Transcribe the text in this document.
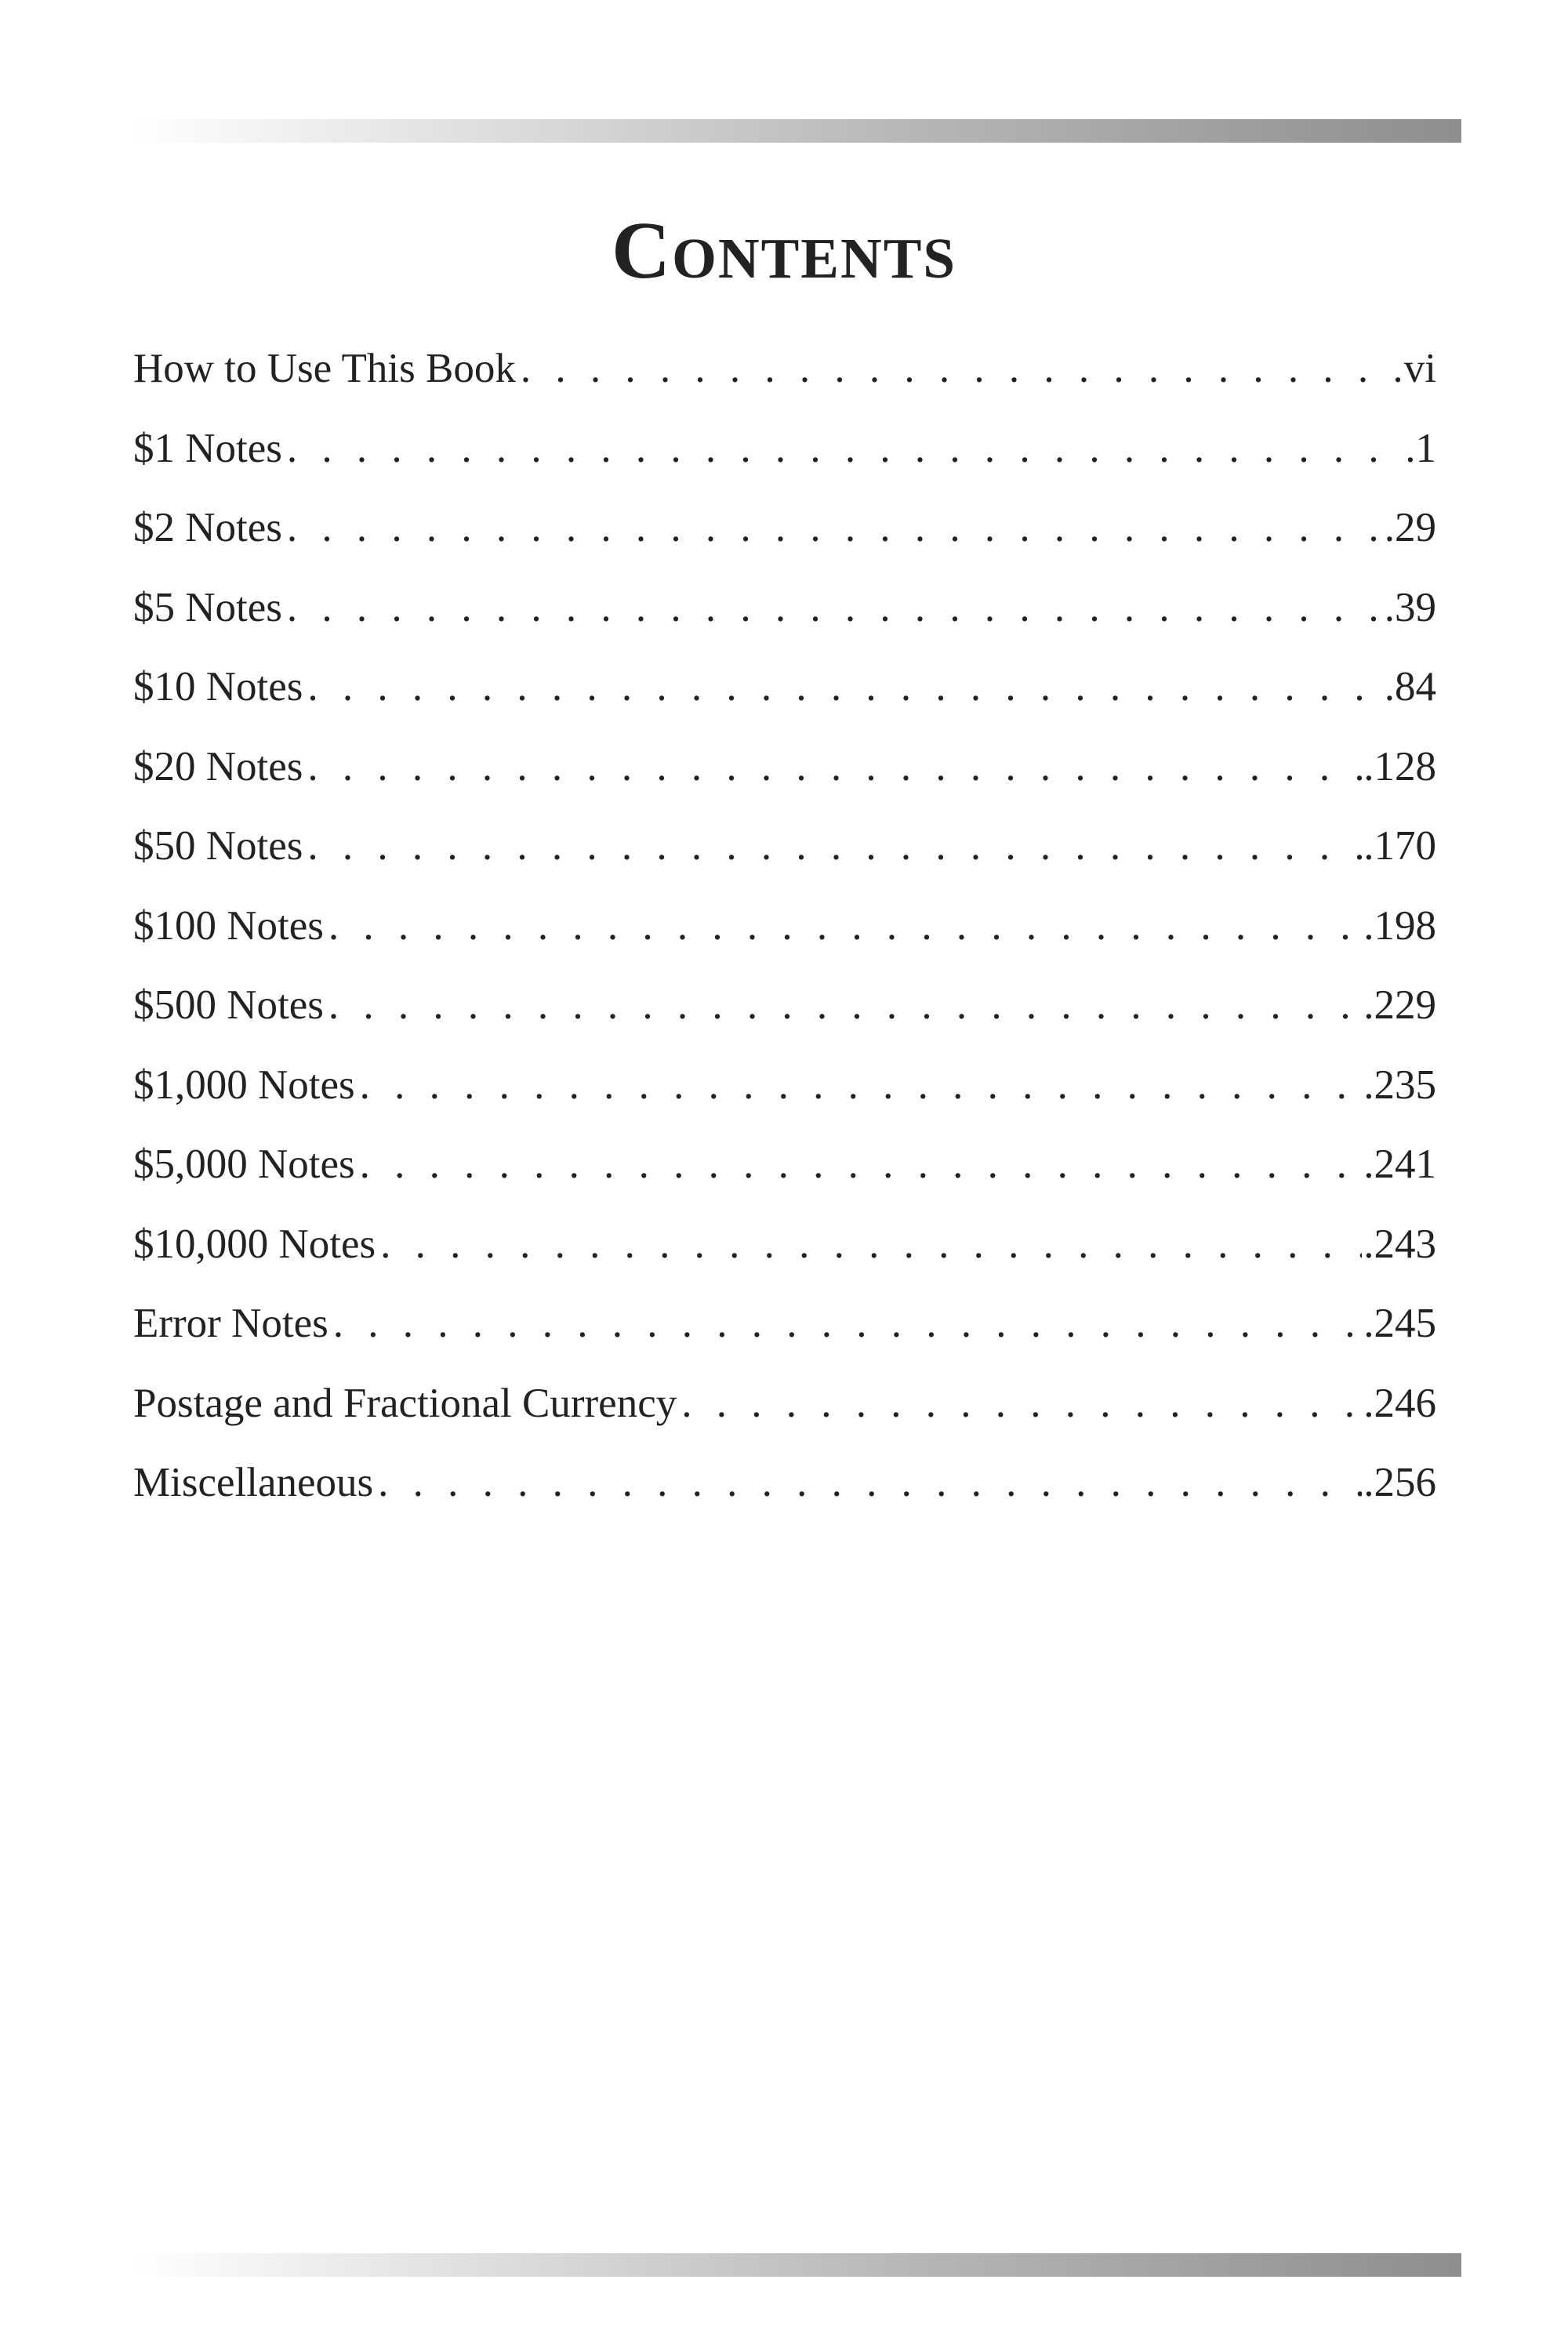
Contents
How to Use This Book . . .	vi
$1 Notes . . .	.1
$2 Notes . . .	.29
$5 Notes . . .	.39
$10 Notes . . .	.84
$20 Notes . . .	.128
$50 Notes . . .	.170
$100 Notes . . .	.198
$500 Notes . . .	.229
$1,000 Notes . . .	.235
$5,000 Notes . . .	.241
$10,000 Notes . . .	.243
Error Notes . . .	.245
Postage and Fractional Currency . . .	.246
Miscellaneous . . .	.256
